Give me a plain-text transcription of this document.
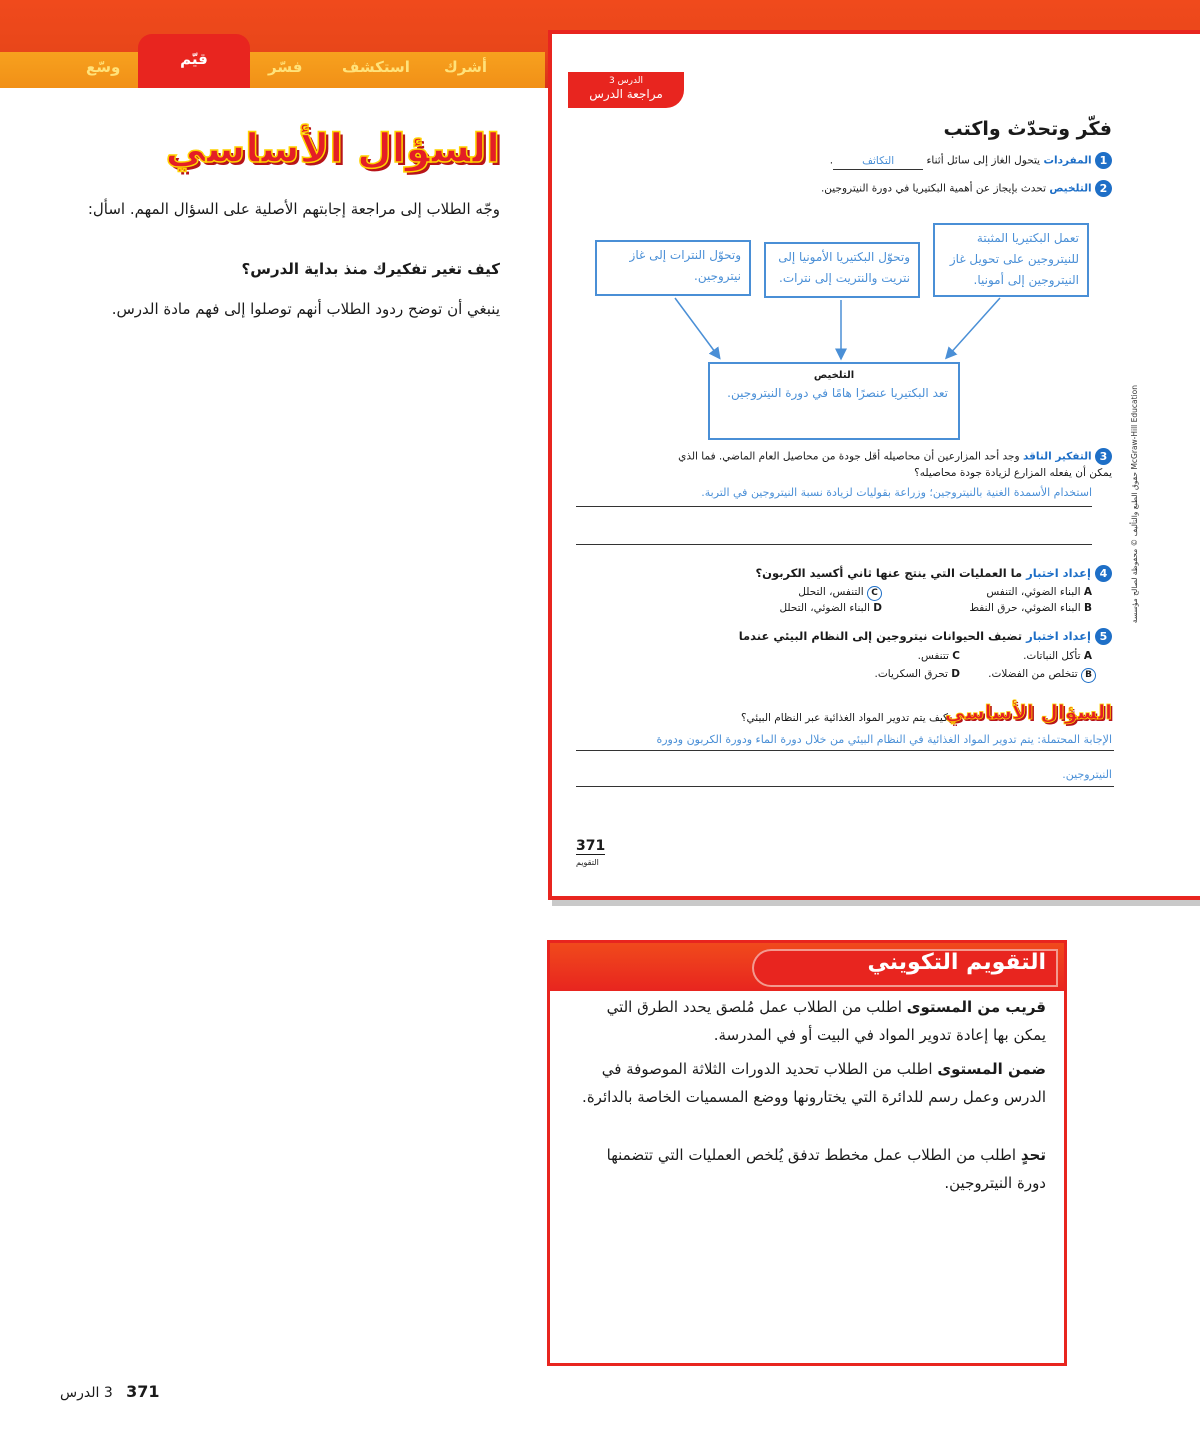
أشرك
استكشف
فسّر
قيّم
وسّع
السؤال الأساسي
وجّه الطلاب إلى مراجعة إجابتهم الأصلية على السؤال المهم. اسأل:
كيف تغير تفكيرك منذ بداية الدرس؟
ينبغي أن توضح ردود الطلاب أنهم توصلوا إلى فهم مادة الدرس.
371   3 الدرس
الدرس 3
مراجعة الدرس
فكّر وتحدّث واكتب
1 المفردات يتحول الغاز إلى سائل أثناء التكاثف.
2 التلخيص تحدث بإيجاز عن أهمية البكتيريا في دورة النيتروجين.
تعمل البكتيريا المثبتة للنيتروجين على تحويل غاز النيتروجين إلى أمونيا.
وتحوّل البكتيريا الأمونيا إلى نتريت والنتريت إلى نترات.
وتحوّل النترات إلى غاز نيتروجين.
التلخيص
تعد البكتيريا عنصرًا هامًا في دورة النيتروجين.
3 التفكير الناقد وجد أحد المزارعين أن محاصيله أقل جودة من محاصيل العام الماضي. فما الذي يمكن أن يفعله المزارع لزيادة جودة محاصيله؟
استخدام الأسمدة الغنية بالنيتروجين؛ وزراعة بقوليات لزيادة نسبة النيتروجين في التربة.
4 إعداد اختبار ما العمليات التي ينتج عنها ثاني أكسيد الكربون؟
A البناء الضوئي، التنفس
B البناء الضوئي، حرق النفط
C التنفس، التحلل
D البناء الضوئي، التحلل
5 إعداد اختبار تضيف الحيوانات نيتروجين إلى النظام البيئي عندما
A تأكل النباتات.
B تتخلص من الفضلات.
C تتنفس.
D تحرق السكريات.
السؤال الأساسي
كيف يتم تدوير المواد الغذائية عبر النظام البيئي؟
الإجابة المحتملة: يتم تدوير المواد الغذائية في النظام البيئي من خلال دورة الماء ودورة الكربون ودورة
النيتروجين.
371
التقويم
McGraw-Hill Education حقوق الطبع والتأليف © محفوظة لصالح مؤسسة
التقويم التكويني
قريب من المستوى اطلب من الطلاب عمل مُلصق يحدد الطرق التي يمكن بها إعادة تدوير المواد في البيت أو في المدرسة.
ضمن المستوى اطلب من الطلاب تحديد الدورات الثلاثة الموصوفة في الدرس وعمل رسم للدائرة التي يختارونها ووضع المسميات الخاصة بالدائرة.
تحدٍ اطلب من الطلاب عمل مخطط تدفق يُلخص العمليات التي تتضمنها دورة النيتروجين.
